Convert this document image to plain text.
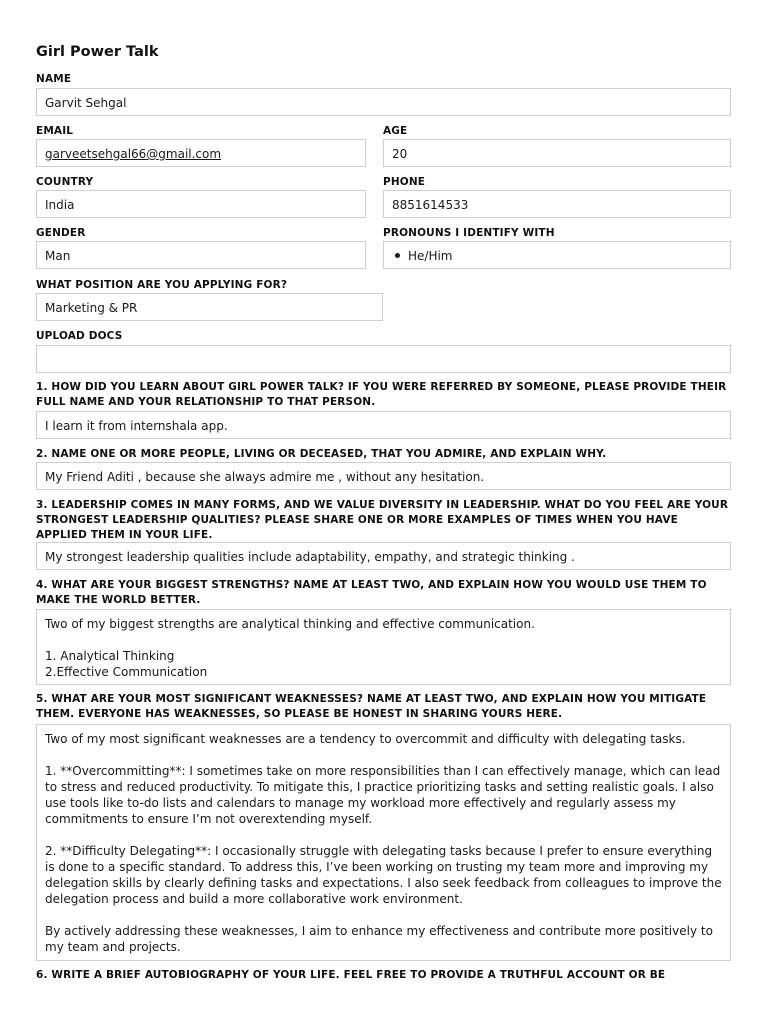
Girl Power Talk
NAME
Garvit Sehgal
EMAIL	AGE
garveetsehgal66@gmail.com	20
COUNTRY	PHONE
India	8851614533
GENDER	PRONOUNS I IDENTIFY WITH
Man	He/Him
WHAT POSITION ARE YOU APPLYING FOR?
Marketing & PR
UPLOAD DOCS
1. HOW DID YOU LEARN ABOUT GIRL POWER TALK? IF YOU WERE REFERRED BY SOMEONE, PLEASE PROVIDE THEIR FULL NAME AND YOUR RELATIONSHIP TO THAT PERSON.
I learn it from internshala app.
2. NAME ONE OR MORE PEOPLE, LIVING OR DECEASED, THAT YOU ADMIRE, AND EXPLAIN WHY.
My Friend Aditi , because she always admire me , without any hesitation.
3. LEADERSHIP COMES IN MANY FORMS, AND WE VALUE DIVERSITY IN LEADERSHIP. WHAT DO YOU FEEL ARE YOUR STRONGEST LEADERSHIP QUALITIES? PLEASE SHARE ONE OR MORE EXAMPLES OF TIMES WHEN YOU HAVE APPLIED THEM IN YOUR LIFE.
My strongest leadership qualities include adaptability, empathy, and strategic thinking .
4. WHAT ARE YOUR BIGGEST STRENGTHS? NAME AT LEAST TWO, AND EXPLAIN HOW YOU WOULD USE THEM TO MAKE THE WORLD BETTER.
Two of my biggest strengths are analytical thinking and effective communication.

1. Analytical Thinking
2.Effective Communication
5. WHAT ARE YOUR MOST SIGNIFICANT WEAKNESSES? NAME AT LEAST TWO, AND EXPLAIN HOW YOU MITIGATE THEM. EVERYONE HAS WEAKNESSES, SO PLEASE BE HONEST IN SHARING YOURS HERE.
Two of my most significant weaknesses are a tendency to overcommit and difficulty with delegating tasks.

1. **Overcommitting**: I sometimes take on more responsibilities than I can effectively manage, which can lead to stress and reduced productivity. To mitigate this, I practice prioritizing tasks and setting realistic goals. I also use tools like to-do lists and calendars to manage my workload more effectively and regularly assess my commitments to ensure I’m not overextending myself.

2. **Difficulty Delegating**: I occasionally struggle with delegating tasks because I prefer to ensure everything is done to a specific standard. To address this, I’ve been working on trusting my team more and improving my delegation skills by clearly defining tasks and expectations. I also seek feedback from colleagues to improve the delegation process and build a more collaborative work environment.

By actively addressing these weaknesses, I aim to enhance my effectiveness and contribute more positively to my team and projects.
6. WRITE A BRIEF AUTOBIOGRAPHY OF YOUR LIFE. FEEL FREE TO PROVIDE A TRUTHFUL ACCOUNT OR BE
